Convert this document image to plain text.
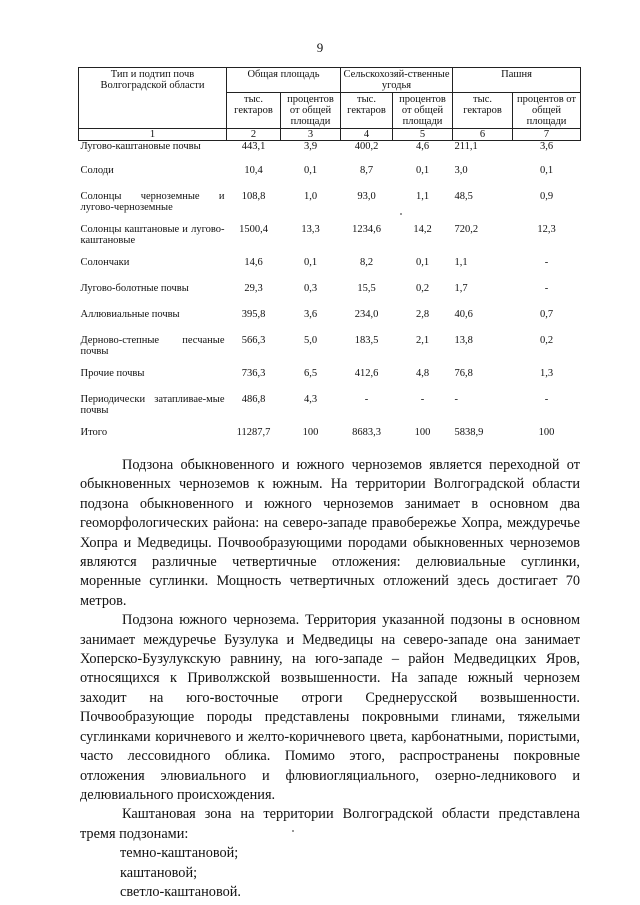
9
Тип и подтип почв Волгоградской области	Общая площадь		Сельскохозяй-ственные угодья		Пашня	
	тыс. гектаров	процентов от общей площади	тыс. гектаров	процентов от общей площади	тыс. гектаров	процентов от общей площади
1	2	3	4	5	6	7
Лугово-каштановые почвы	443,1	3,9	400,2	4,6	211,1	3,6
Солоди	10,4	0,1	8,7	0,1	3,0	0,1
Солонцы черноземные и лугово-черноземные	108,8	1,0	93,0	1,1	48,5	0,9
Солонцы каштановые и лугово-каштановые	1500,4	13,3	1234,6	14,2	720,2	12,3
Солончаки	14,6	0,1	8,2	0,1	1,1	-
Лугово-болотные почвы	29,3	0,3	15,5	0,2	1,7	-
Аллювиальные почвы	395,8	3,6	234,0	2,8	40,6	0,7
Дерново-степные песчаные почвы	566,3	5,0	183,5	2,1	13,8	0,2
Прочие почвы	736,3	6,5	412,6	4,8	76,8	1,3
Периодически затапливае-мые почвы	486,8	4,3	-	-	-	-
Итого	11287,7	100	8683,3	100	5838,9	100

Подзона обыкновенного и южного черноземов является переходной от обыкновенных черноземов к южным. На территории Волгоградской области подзона обыкновенного и южного черноземов занимает в основном два геоморфологических района: на северо-западе правобережье Хопра, междуречье Хопра и Медведицы. Почвообразующими породами обыкновенных черноземов являются различные четвертичные отложения: делювиальные суглинки, моренные суглинки. Мощность четвертичных отложений здесь достигает 70 метров.

Подзона южного чернозема. Территория указанной подзоны в основном занимает междуречье Бузулука и Медведицы на северо-западе она занимает Хоперско-Бузулукскую равнину, на юго-западе – район Медведицких Яров, относящихся к Приволжской возвышенности. На западе южный чернозем заходит на юго-восточные отроги Среднерусской возвышенности. Почвообразующие породы представлены покровными глинами, тяжелыми суглинками коричневого и желто-коричневого цвета, карбонатными, пористыми, часто лессовидного облика. Помимо этого, распространены покровные отложения элювиального и флювиогляциального, озерно-ледникового и делювиального происхождения.

Каштановая зона на территории Волгоградской области представлена тремя подзонами:

темно-каштановой;

каштановой;

светло-каштановой.
